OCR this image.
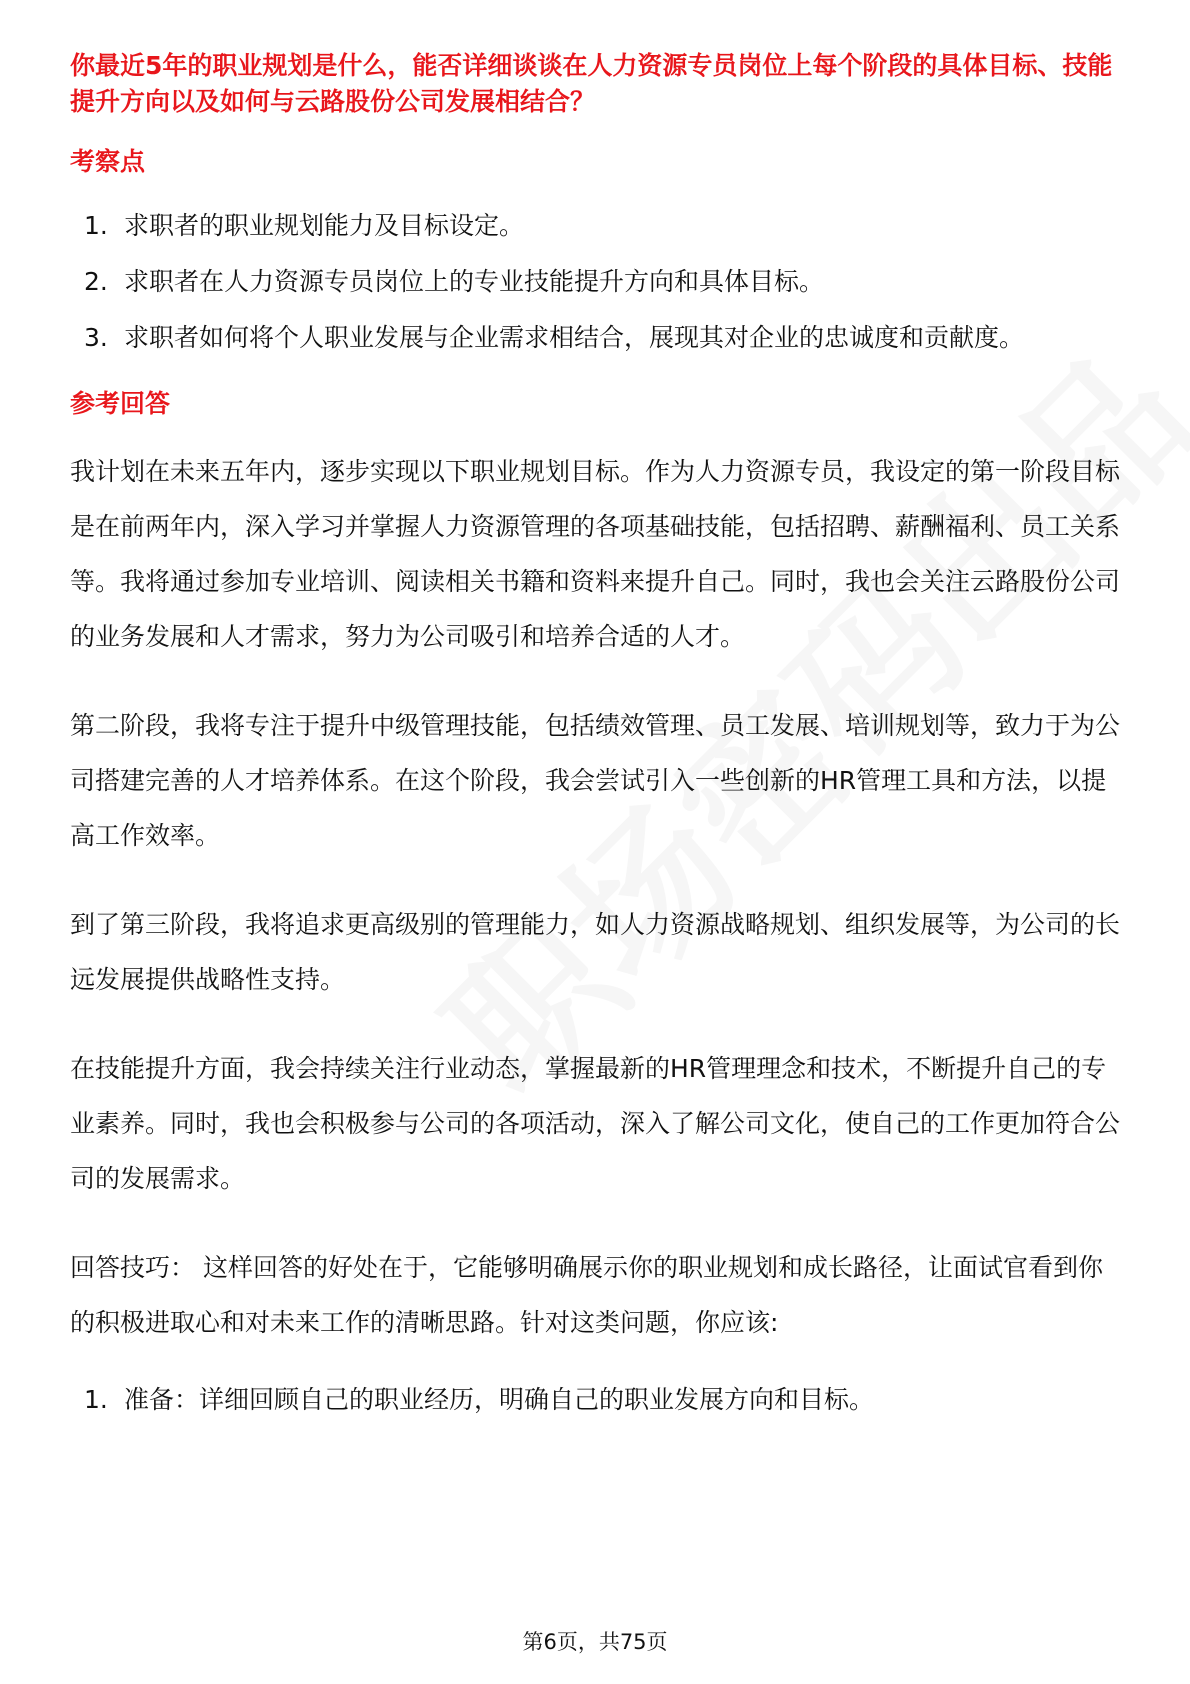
你最近5年的职业规划是什么，能否详细谈谈在人力资源专员岗位上每个阶段的具体目标、技能提升方向以及如何与云路股份公司发展相结合？

考察点

1. 求职者的职业规划能力及目标设定。
2. 求职者在人力资源专员岗位上的专业技能提升方向和具体目标。
3. 求职者如何将个人职业发展与企业需求相结合，展现其对企业的忠诚度和贡献度。

参考回答

我计划在未来五年内，逐步实现以下职业规划目标。作为人力资源专员，我设定的第一阶段目标是在前两年内，深入学习并掌握人力资源管理的各项基础技能，包括招聘、薪酬福利、员工关系等。我将通过参加专业培训、阅读相关书籍和资料来提升自己。同时，我也会关注云路股份公司的业务发展和人才需求，努力为公司吸引和培养合适的人才。

第二阶段，我将专注于提升中级管理技能，包括绩效管理、员工发展、培训规划等，致力于为公司搭建完善的人才培养体系。在这个阶段，我会尝试引入一些创新的HR管理工具和方法，以提高工作效率。

到了第三阶段，我将追求更高级别的管理能力，如人力资源战略规划、组织发展等，为公司的长远发展提供战略性支持。

在技能提升方面，我会持续关注行业动态，掌握最新的HR管理理念和技术，不断提升自己的专业素养。同时，我也会积极参与公司的各项活动，深入了解公司文化，使自己的工作更加符合公司的发展需求。

回答技巧： 这样回答的好处在于，它能够明确展示你的职业规划和成长路径，让面试官看到你的积极进取心和对未来工作的清晰思路。针对这类问题，你应该:

1. 准备：详细回顾自己的职业经历，明确自己的职业发展方向和目标。
第6页，共75页
